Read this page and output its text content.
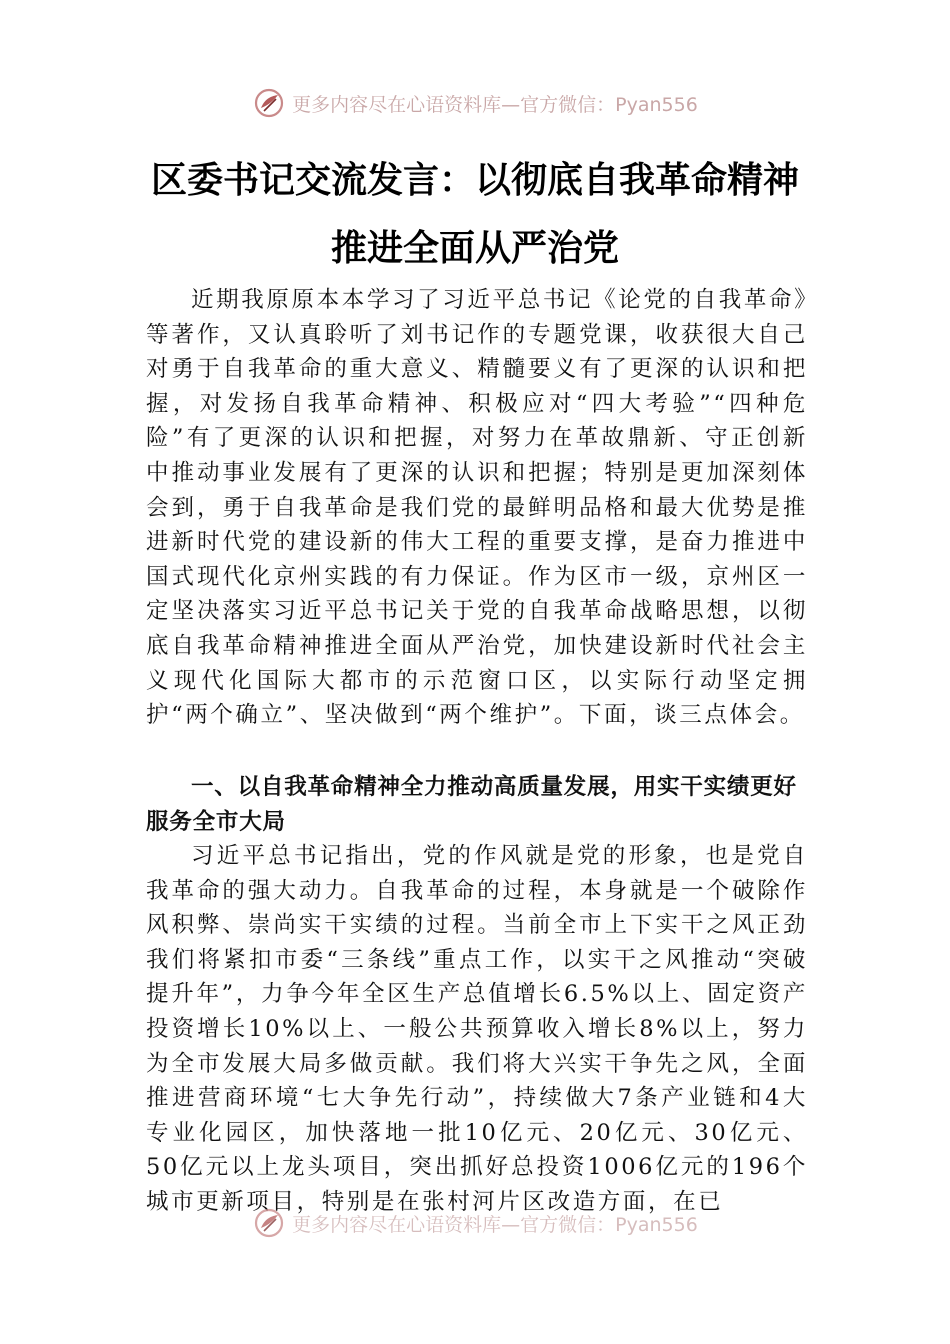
更多内容尽在心语资料库—官方微信：Pyan556
区委书记交流发言：以彻底自我革命精神
推进全面从严治党
近期我原原本本学习了习近平总书记《论党的自我革命》等著作，又认真聆听了刘书记作的专题党课，收获很大自己对勇于自我革命的重大意义、精髓要义有了更深的认识和把握，对发扬自我革命精神、积极应对“四大考验”“四种危险”有了更深的认识和把握，对努力在革故鼎新、守正创新中推动事业发展有了更深的认识和把握；特别是更加深刻体会到，勇于自我革命是我们党的最鲜明品格和最大优势是推进新时代党的建设新的伟大工程的重要支撑，是奋力推进中国式现代化京州实践的有力保证。作为区市一级，京州区一定坚决落实习近平总书记关于党的自我革命战略思想，以彻底自我革命精神推进全面从严治党，加快建设新时代社会主义现代化国际大都市的示范窗口区，以实际行动坚定拥护“两个确立”、坚决做到“两个维护”。下面，谈三点体会。
一、以自我革命精神全力推动高质量发展，用实干实绩更好服务全市大局
习近平总书记指出，党的作风就是党的形象，也是党自我革命的强大动力。自我革命的过程，本身就是一个破除作风积弊、崇尚实干实绩的过程。当前全市上下实干之风正劲我们将紧扣市委“三条线”重点工作，以实干之风推动“突破提升年”，力争今年全区生产总值增长6.5%以上、固定资产投资增长10%以上、一般公共预算收入增长8%以上，努力为全市发展大局多做贡献。我们将大兴实干争先之风，全面推进营商环境“七大争先行动”，持续做大7条产业链和4大专业化园区，加快落地一批10亿元、20亿元、30亿元、50亿元以上龙头项目，突出抓好总投资1006亿元的196个城市更新项目，特别是在张村河片区改造方面，在已
更多内容尽在心语资料库—官方微信：Pyan556
